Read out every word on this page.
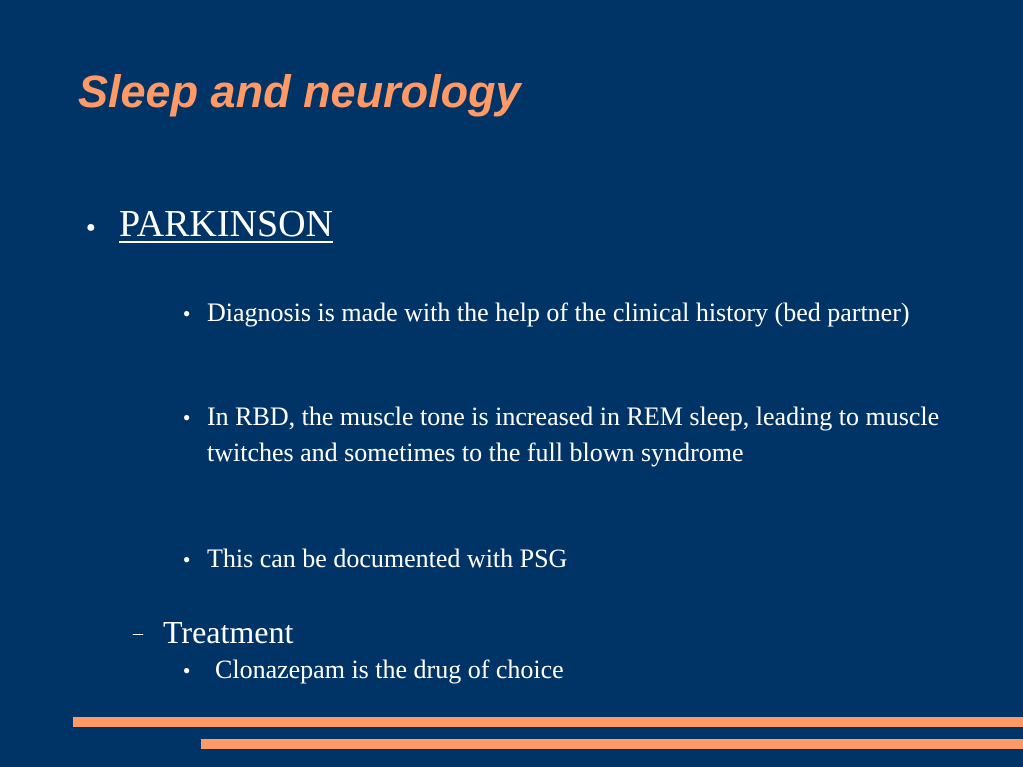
Sleep and neurology
● PARKINSON
● Diagnosis is made with the help of the clinical history (bed partner)
● In RBD, the muscle tone is increased in REM sleep, leading to muscle twitches and sometimes to the full blown syndrome
● This can be documented with PSG
– Treatment
● Clonazepam is the drug of choice
